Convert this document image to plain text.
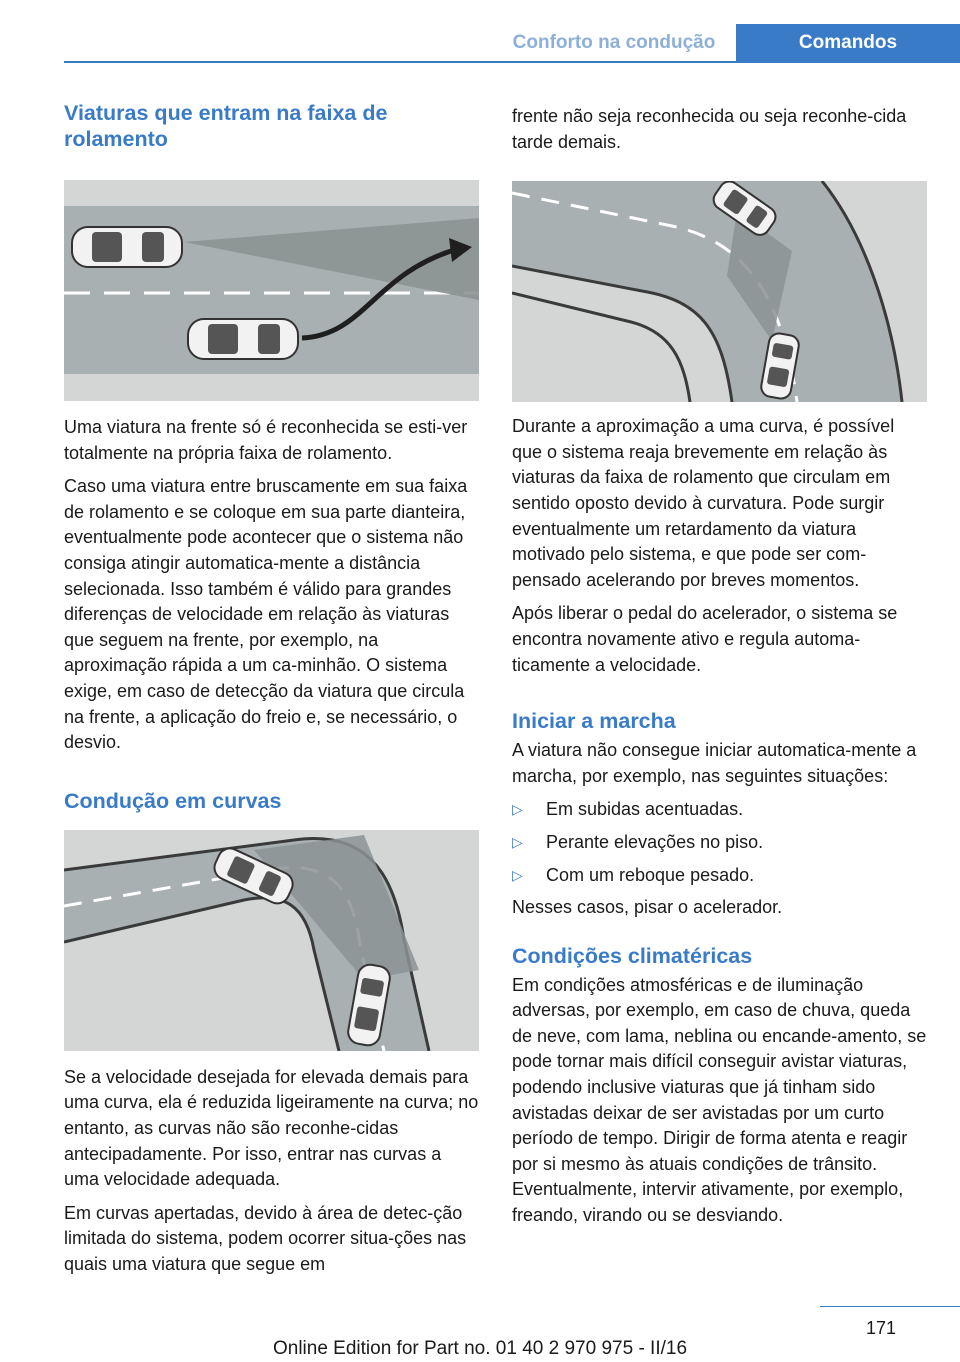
Conforto na condução	Comandos
Viaturas que entram na faixa de rolamento

Uma viatura na frente só é reconhecida se esti‐ver totalmente na própria faixa de rolamento.

Caso uma viatura entre bruscamente em sua faixa de rolamento e se coloque em sua parte dianteira, eventualmente pode acontecer que o sistema não consiga atingir automatica‐mente a distância selecionada. Isso também é válido para grandes diferenças de velocidade em relação às viaturas que seguem na frente, por exemplo, na aproximação rápida a um ca‐minhão. O sistema exige, em caso de detecção da viatura que circula na frente, a aplicação do freio e, se necessário, o desvio.

Condução em curvas

Se a velocidade desejada for elevada demais para uma curva, ela é reduzida ligeiramente na curva; no entanto, as curvas não são reconhe‐cidas antecipadamente. Por isso, entrar nas curvas a uma velocidade adequada.

Em curvas apertadas, devido à área de detec‐ção limitada do sistema, podem ocorrer situa‐ções nas quais uma viatura que segue em

frente não seja reconhecida ou seja reconhe‐cida tarde demais.

Durante a aproximação a uma curva, é possível que o sistema reaja brevemente em relação às viaturas da faixa de rolamento que circulam em sentido oposto devido à curvatura. Pode surgir eventualmente um retardamento da viatura motivado pelo sistema, e que pode ser com‐pensado acelerando por breves momentos.

Após liberar o pedal do acelerador, o sistema se encontra novamente ativo e regula automa‐ticamente a velocidade.

Iniciar a marcha

A viatura não consegue iniciar automatica‐mente a marcha, por exemplo, nas seguintes situações:

▷ Em subidas acentuadas.
▷ Perante elevações no piso.
▷ Com um reboque pesado.

Nesses casos, pisar o acelerador.

Condições climatéricas

Em condições atmosféricas e de iluminação adversas, por exemplo, em caso de chuva, queda de neve, com lama, neblina ou encande‐amento, se pode tornar mais difícil conseguir avistar viaturas, podendo inclusive viaturas que já tinham sido avistadas deixar de ser avistadas por um curto período de tempo. Dirigir de forma atenta e reagir por si mesmo às atuais condições de trânsito. Eventualmente, intervir ativamente, por exemplo, freando, virando ou se desviando.

171
Online Edition for Part no. 01 40 2 970 975 - II/16
